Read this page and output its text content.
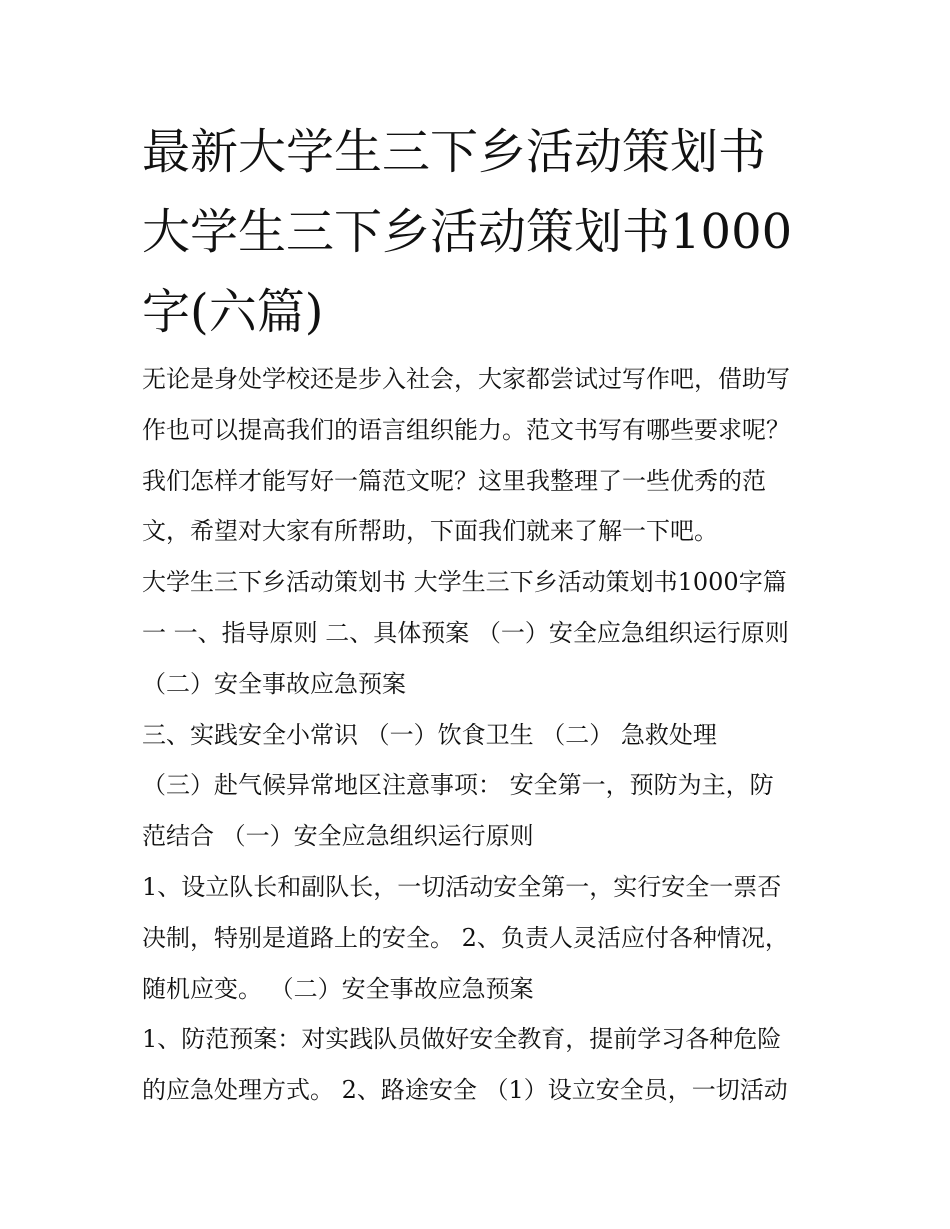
最新大学生三下乡活动策划书
大学生三下乡活动策划书1000
字(六篇)
无论是身处学校还是步入社会，大家都尝试过写作吧，借助写
作也可以提高我们的语言组织能力。范文书写有哪些要求呢？
我们怎样才能写好一篇范文呢？这里我整理了一些优秀的范
文，希望对大家有所帮助，下面我们就来了解一下吧。
大学生三下乡活动策划书 大学生三下乡活动策划书1000字篇
一 一、指导原则 二、具体预案 （一）安全应急组织运行原则
（二）安全事故应急预案
三、实践安全小常识 （一）饮食卫生 （二） 急救处理
（三）赴气候异常地区注意事项： 安全第一，预防为主，防
范结合 （一）安全应急组织运行原则
1、设立队长和副队长，一切活动安全第一，实行安全一票否
决制，特别是道路上的安全。 2、负责人灵活应付各种情况，
随机应变。 （二）安全事故应急预案
1、防范预案：对实践队员做好安全教育，提前学习各种危险
的应急处理方式。 2、路途安全 （1）设立安全员，一切活动
